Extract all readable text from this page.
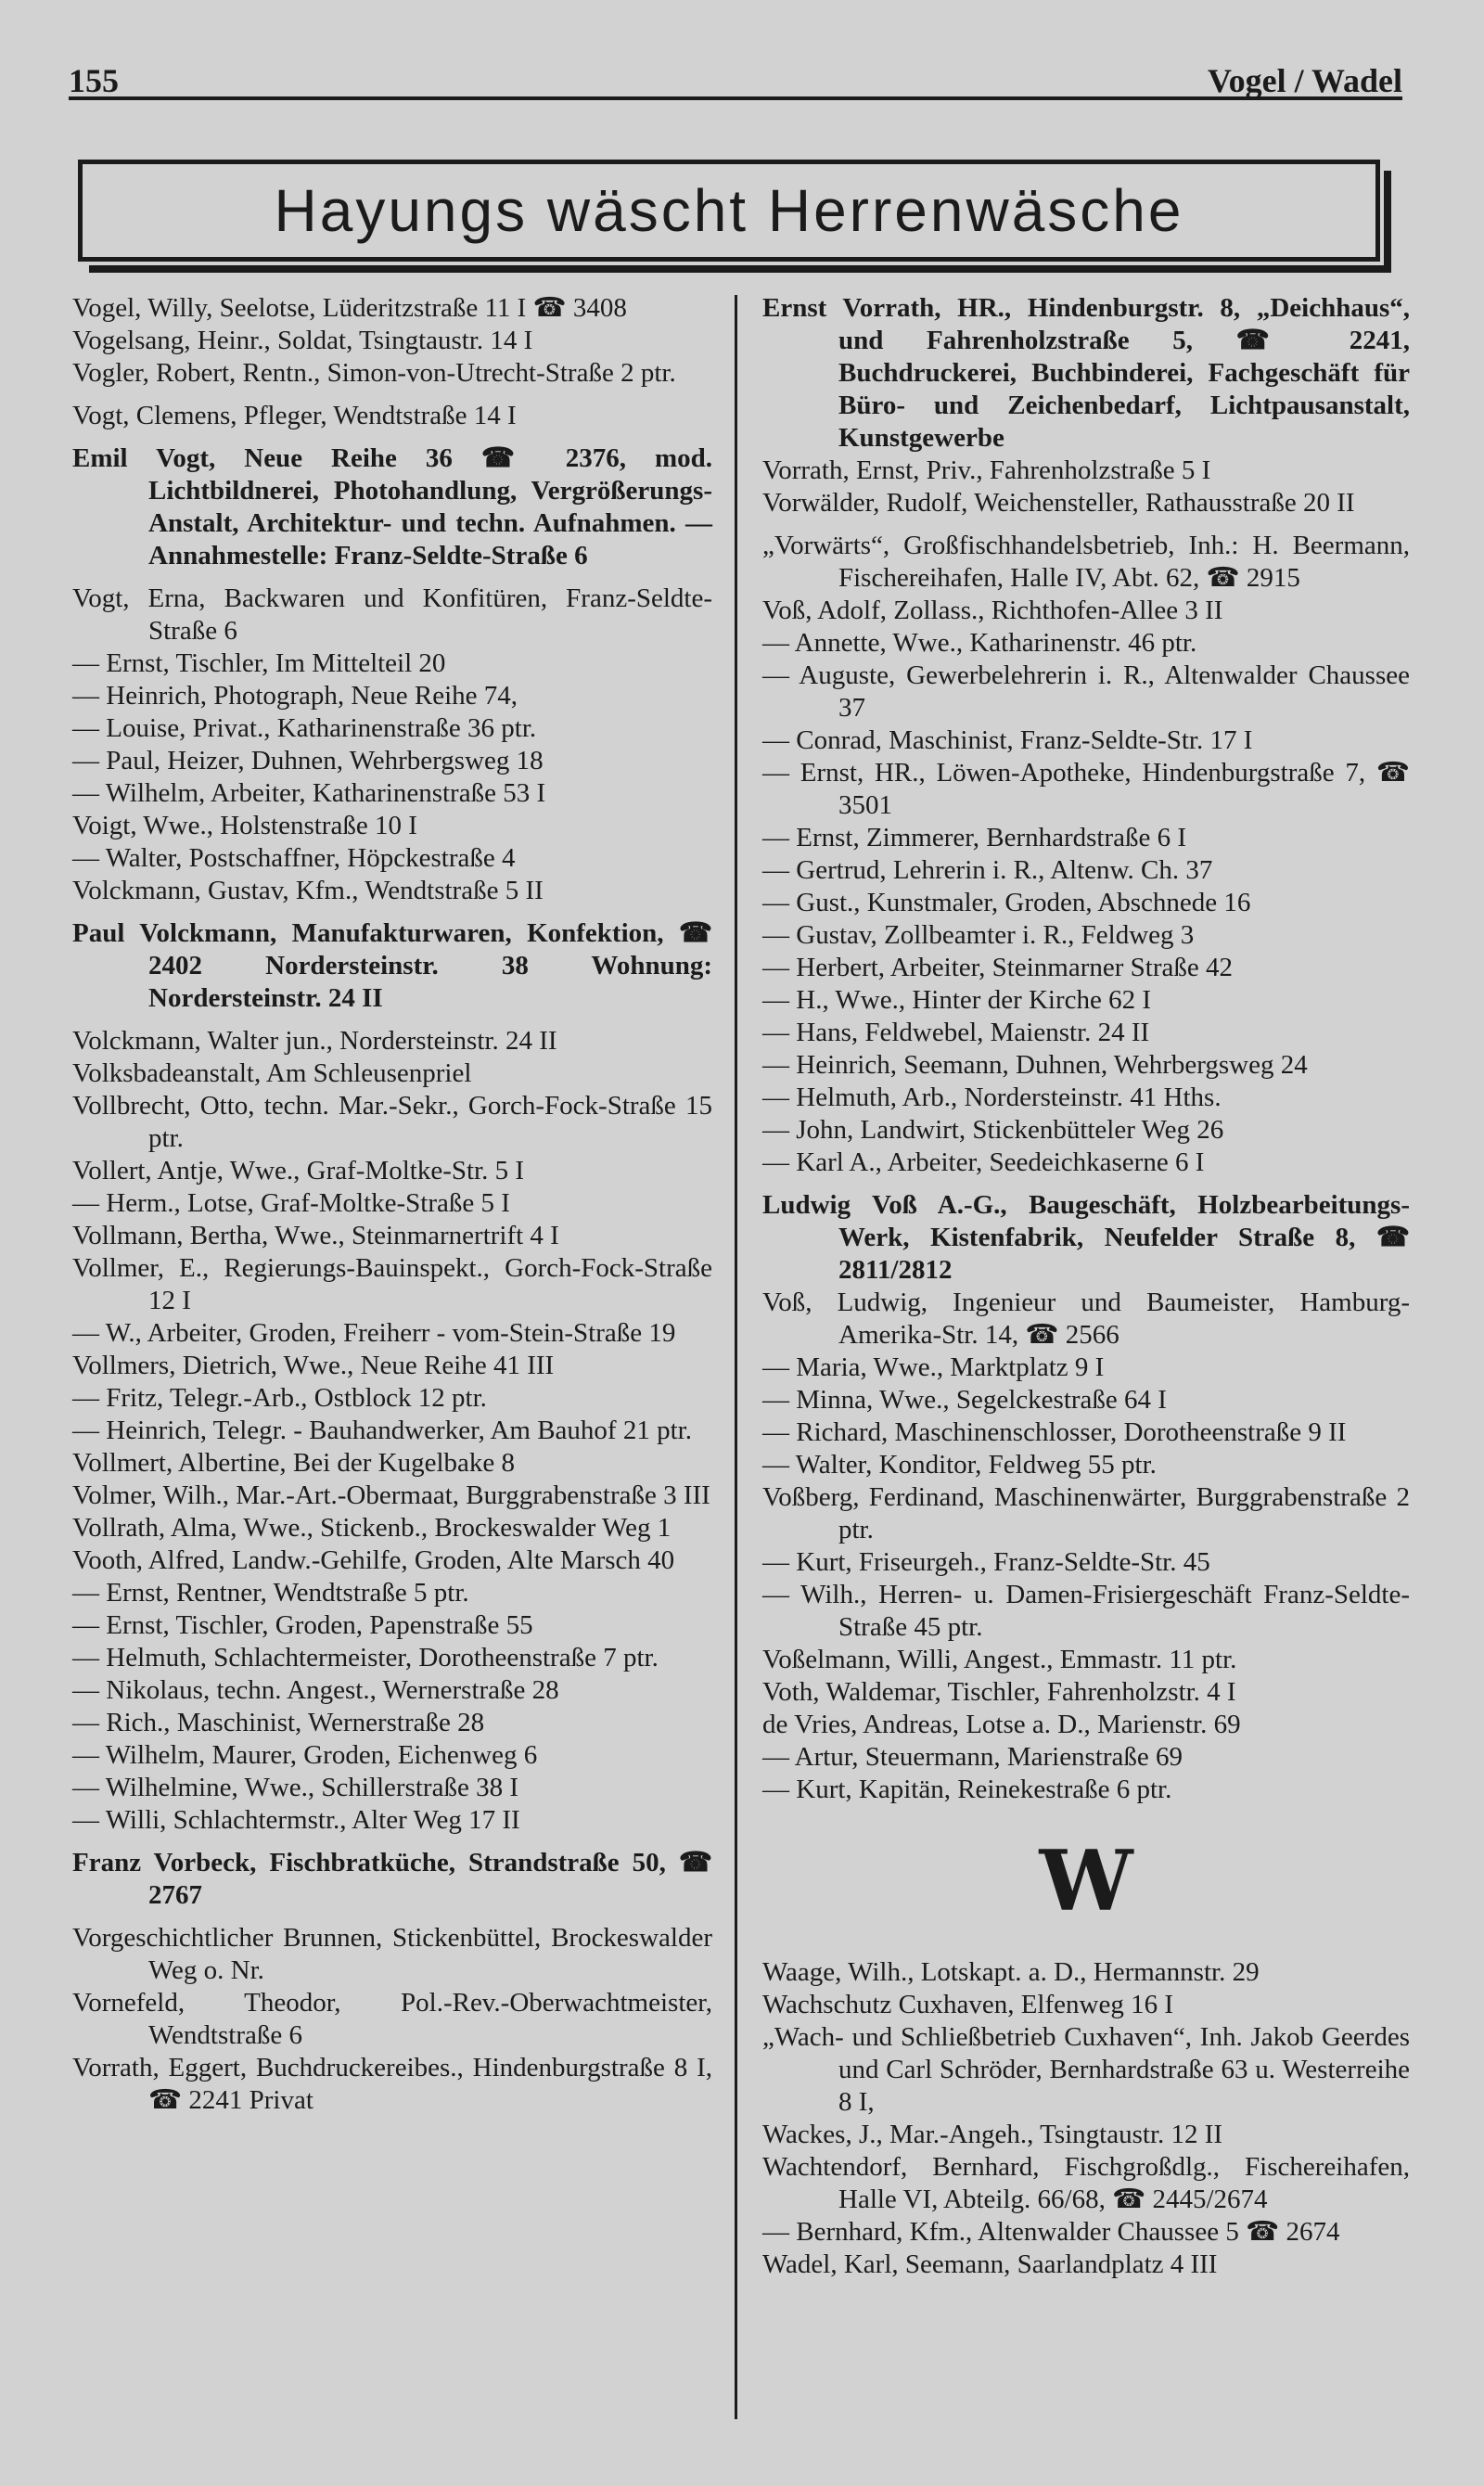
155	Vogel / Wadel
Hayungs wäscht Herrenwäsche

Vogel, Willy, Seelotse, Lüderitzstraße 11 I ☎ 3408

Vogelsang, Heinr., Soldat, Tsingtaustr. 14 I

Vogler, Robert, Rentn., Simon-von-Utrecht-Straße 2 ptr.

Vogt, Clemens, Pfleger, Wendtstraße 14 I

Emil Vogt, Neue Reihe 36 ☎ 2376, mod. Lichtbildnerei, Photohandlung, Vergrößerungs-Anstalt, Architektur- und techn. Aufnahmen. — Annahmestelle: Franz-Seldte-Straße 6

Vogt, Erna, Backwaren und Konfitüren, Franz-Seldte-Straße 6

— Ernst, Tischler, Im Mittelteil 20

— Heinrich, Photograph, Neue Reihe 74,

— Louise, Privat., Katharinenstraße 36 ptr.

— Paul, Heizer, Duhnen, Wehrbergsweg 18

— Wilhelm, Arbeiter, Katharinenstraße 53 I

Voigt, Wwe., Holstenstraße 10 I

— Walter, Postschaffner, Höpckestraße 4

Volckmann, Gustav, Kfm., Wendtstraße 5 II

Paul Volckmann, Manufakturwaren, Konfektion, ☎ 2402 Nordersteinstr. 38 Wohnung: Nordersteinstr. 24 II

Volckmann, Walter jun., Nordersteinstr. 24 II

Volksbadeanstalt, Am Schleusenpriel

Vollbrecht, Otto, techn. Mar.-Sekr., Gorch-Fock-Straße 15 ptr.

Vollert, Antje, Wwe., Graf-Moltke-Str. 5 I

— Herm., Lotse, Graf-Moltke-Straße 5 I

Vollmann, Bertha, Wwe., Steinmarnertrift 4 I

Vollmer, E., Regierungs-Bauinspekt., Gorch-Fock-Straße 12 I

— W., Arbeiter, Groden, Freiherr - vom-Stein-Straße 19

Vollmers, Dietrich, Wwe., Neue Reihe 41 III

— Fritz, Telegr.-Arb., Ostblock 12 ptr.

— Heinrich, Telegr. - Bauhandwerker, Am Bauhof 21 ptr.

Vollmert, Albertine, Bei der Kugelbake 8

Volmer, Wilh., Mar.-Art.-Obermaat, Burggrabenstraße 3 III

Vollrath, Alma, Wwe., Stickenb., Brockeswalder Weg 1

Vooth, Alfred, Landw.-Gehilfe, Groden, Alte Marsch 40

— Ernst, Rentner, Wendtstraße 5 ptr.

— Ernst, Tischler, Groden, Papenstraße 55

— Helmuth, Schlachtermeister, Dorotheenstraße 7 ptr.

— Nikolaus, techn. Angest., Wernerstraße 28

— Rich., Maschinist, Wernerstraße 28

— Wilhelm, Maurer, Groden, Eichenweg 6

— Wilhelmine, Wwe., Schillerstraße 38 I

— Willi, Schlachtermstr., Alter Weg 17 II

Franz Vorbeck, Fischbratküche, Strandstraße 50, ☎ 2767

Vorgeschichtlicher Brunnen, Stickenbüttel, Brockeswalder Weg o. Nr.

Vornefeld, Theodor, Pol.-Rev.-Oberwachtmeister, Wendtstraße 6

Vorrath, Eggert, Buchdruckereibes., Hindenburgstraße 8 I, ☎ 2241 Privat

Ernst Vorrath, HR., Hindenburgstr. 8, „Deichhaus“, und Fahrenholzstraße 5, ☎ 2241, Buchdruckerei, Buchbinderei, Fachgeschäft für Büro- und Zeichenbedarf, Lichtpausanstalt, Kunstgewerbe

Vorrath, Ernst, Priv., Fahrenholzstraße 5 I

Vorwälder, Rudolf, Weichensteller, Rathausstraße 20 II

„Vorwärts“, Großfischhandelsbetrieb, Inh.: H. Beermann, Fischereihafen, Halle IV, Abt. 62, ☎ 2915

Voß, Adolf, Zollass., Richthofen-Allee 3 II

— Annette, Wwe., Katharinenstr. 46 ptr.

— Auguste, Gewerbelehrerin i. R., Altenwalder Chaussee 37

— Conrad, Maschinist, Franz-Seldte-Str. 17 I

— Ernst, HR., Löwen-Apotheke, Hindenburgstraße 7, ☎ 3501

— Ernst, Zimmerer, Bernhardstraße 6 I

— Gertrud, Lehrerin i. R., Altenw. Ch. 37

— Gust., Kunstmaler, Groden, Abschnede 16

— Gustav, Zollbeamter i. R., Feldweg 3

— Herbert, Arbeiter, Steinmarner Straße 42

— H., Wwe., Hinter der Kirche 62 I

— Hans, Feldwebel, Maienstr. 24 II

— Heinrich, Seemann, Duhnen, Wehrbergsweg 24

— Helmuth, Arb., Nordersteinstr. 41 Hths.

— John, Landwirt, Stickenbütteler Weg 26

— Karl A., Arbeiter, Seedeichkaserne 6 I

Ludwig Voß A.-G., Baugeschäft, Holzbearbeitungs-Werk, Kistenfabrik, Neufelder Straße 8, ☎ 2811/2812

Voß, Ludwig, Ingenieur und Baumeister, Hamburg-Amerika-Str. 14, ☎ 2566

— Maria, Wwe., Marktplatz 9 I

— Minna, Wwe., Segelckestraße 64 I

— Richard, Maschinenschlosser, Dorotheenstraße 9 II

— Walter, Konditor, Feldweg 55 ptr.

Voßberg, Ferdinand, Maschinenwärter, Burggrabenstraße 2 ptr.

— Kurt, Friseurgeh., Franz-Seldte-Str. 45

— Wilh., Herren- u. Damen-Frisiergeschäft Franz-Seldte-Straße 45 ptr.

Voßelmann, Willi, Angest., Emmastr. 11 ptr.

Voth, Waldemar, Tischler, Fahrenholzstr. 4 I

de Vries, Andreas, Lotse a. D., Marienstr. 69

— Artur, Steuermann, Marienstraße 69

— Kurt, Kapitän, Reinekestraße 6 ptr.

W

Waage, Wilh., Lotskapt. a. D., Hermannstr. 29

Wachschutz Cuxhaven, Elfenweg 16 I

„Wach- und Schließbetrieb Cuxhaven“, Inh. Jakob Geerdes und Carl Schröder, Bernhardstraße 63 u. Westerreihe 8 I,

Wackes, J., Mar.-Angeh., Tsingtaustr. 12 II

Wachtendorf, Bernhard, Fischgroßdlg., Fischereihafen, Halle VI, Abteilg. 66/68, ☎ 2445/2674

— Bernhard, Kfm., Altenwalder Chaussee 5 ☎ 2674

Wadel, Karl, Seemann, Saarlandplatz 4 III
